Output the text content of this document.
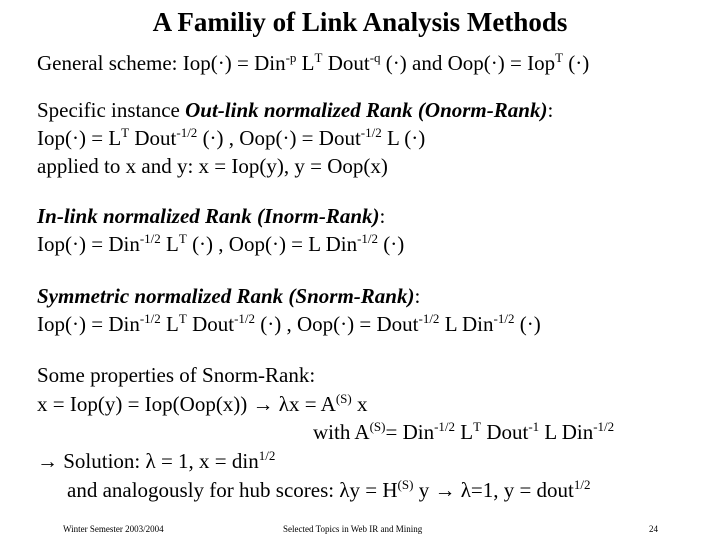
A Familiy of Link Analysis Methods
General scheme: Iop(·) = Din$^{-p}$ $L^T$ Dout$^{-q}$ (·) and Oop(·) = Iop$^T$ (·)
Specific instance Out-link normalized Rank (Onorm-Rank):
$Iop(\cdot) = L^T$ Dout$^{-1/2}$ (·) , Oop(·) = Dout$^{-1/2}$ L (·)
applied to x and y: x = Iop(y), y = Oop(x)
In-link normalized Rank (Inorm-Rank):
Iop(·) = Din$^{-1/2}$ $L^T$ (·) , Oop(·) = L Din$^{-1/2}$ (·)
Symmetric normalized Rank (Snorm-Rank):
Iop(·) = Din$^{-1/2}$ $L^T$ Dout$^{-1/2}$ (·) , Oop(·) = Dout$^{-1/2}$ L Din$^{-1/2}$ (·)
Some properties of Snorm-Rank:
$x = Iop(y) = Iop(Oop(x)) \to \lambda x = A^{(S)}$ x
with $A^{(S)}= Din^{-1/2}$ $L^T$ Dout$^{-1}$ L Din$^{-1/2}$
→ Solution: λ = 1, x = din$^{1/2}$
and analogously for hub scores: $\lambda y = H^{(S)}$ y → λ=1, y = dout$^{1/2}$
Winter Semester 2003/2004	Selected Topics in Web IR and Mining	24
